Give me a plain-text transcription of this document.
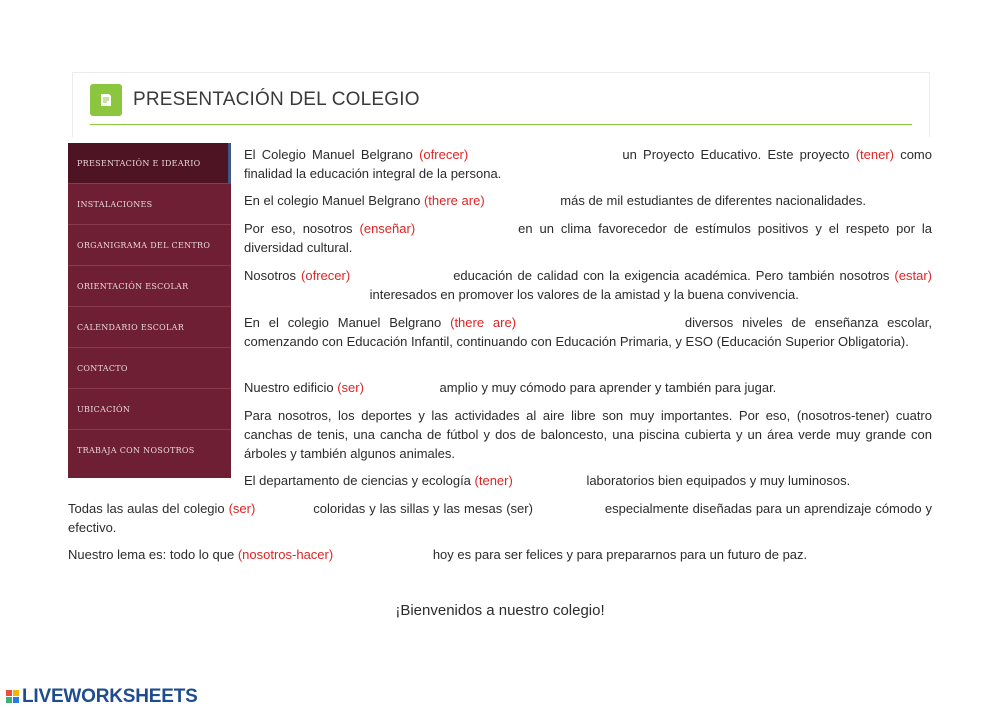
PRESENTACIÓN DEL COLEGIO
PRESENTACIÓN E IDEARIO
INSTALACIONES
ORGANIGRAMA DEL CENTRO
ORIENTACIÓN ESCOLAR
CALENDARIO ESCOLAR
CONTACTO
UBICACIÓN
TRABAJA CON NOSOTROS
El Colegio Manuel Belgrano (ofrecer)	un Proyecto Educativo. Este proyecto (tener) como finalidad la educación integral de la persona.
En el colegio Manuel Belgrano (there are)	más de mil estudiantes de diferentes nacionalidades.
Por eso, nosotros (enseñar)	en un clima favorecedor de estímulos positivos y el respeto por la diversidad cultural.
Nosotros (ofrecer)	educación de calidad con la exigencia académica. Pero también nosotros (estar) interesados en promover los valores de la amistad y la buena convivencia.
En el colegio Manuel Belgrano (there are)	diversos niveles de enseñanza escolar, comenzando con Educación Infantil, continuando con Educación Primaria, y ESO (Educación Superior Obligatoria).
Nuestro edificio (ser)	amplio y muy cómodo para aprender y también para jugar.
Para nosotros, los deportes y las actividades al aire libre son muy importantes. Por eso, (nosotros-tener) cuatro canchas de tenis, una cancha de fútbol y dos de baloncesto, una piscina cubierta y un área verde muy grande con árboles y también algunos animales.
El departamento de ciencias y ecología (tener)	laboratorios bien equipados y muy luminosos.
Todas las aulas del colegio (ser)	coloridas y las sillas y las mesas (ser)	especialmente diseñadas para un aprendizaje cómodo y efectivo.
Nuestro lema es: todo lo que (nosotros-hacer)	hoy es para ser felices y para prepararnos para un futuro de paz.
¡Bienvenidos a nuestro colegio!
LIVEWORKSHEETS
